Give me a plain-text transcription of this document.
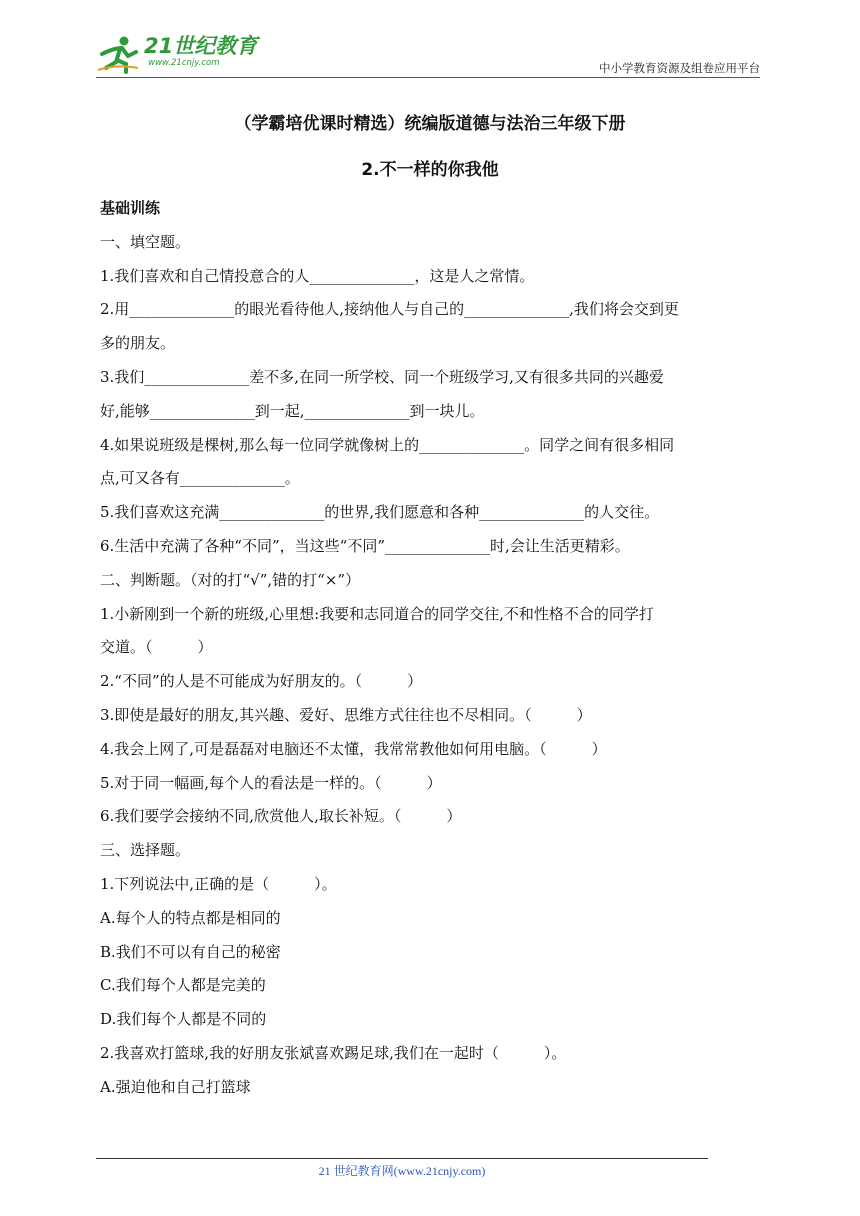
21世纪教育
www.21cnjy.com	中小学教育资源及组卷应用平台
（学霸培优课时精选）统编版道德与法治三年级下册
2.不一样的你我他
基础训练
一、填空题。
1.我们喜欢和自己情投意合的人______________，这是人之常情。
2.用______________的眼光看待他人,接纳他人与自己的______________,我们将会交到更
多的朋友。
3.我们______________差不多,在同一所学校、同一个班级学习,又有很多共同的兴趣爱
好,能够______________到一起,______________到一块儿。
4.如果说班级是棵树,那么每一位同学就像树上的______________。同学之间有很多相同
点,可又各有______________。
5.我们喜欢这充满______________的世界,我们愿意和各种______________的人交往。
6.生活中充满了各种“不同”，当这些“不同”______________时,会让生活更精彩。
二、判断题。（对的打“√”,错的打“×”）
1.小新刚到一个新的班级,心里想:我要和志同道合的同学交往,不和性格不合的同学打
交道。（　　　）
2.“不同”的人是不可能成为好朋友的。（　　　）
3.即使是最好的朋友,其兴趣、爱好、思维方式往往也不尽相同。（　　　）
4.我会上网了,可是磊磊对电脑还不太懂，我常常教他如何用电脑。（　　　）
5.对于同一幅画,每个人的看法是一样的。（　　　）
6.我们要学会接纳不同,欣赏他人,取长补短。（　　　）
三、选择题。
1.下列说法中,正确的是（　　　）。
A.每个人的特点都是相同的
B.我们不可以有自己的秘密
C.我们每个人都是完美的
D.我们每个人都是不同的
2.我喜欢打篮球,我的好朋友张斌喜欢踢足球,我们在一起时（　　　）。
A.强迫他和自己打篮球
21 世纪教育网(www.21cnjy.com)
